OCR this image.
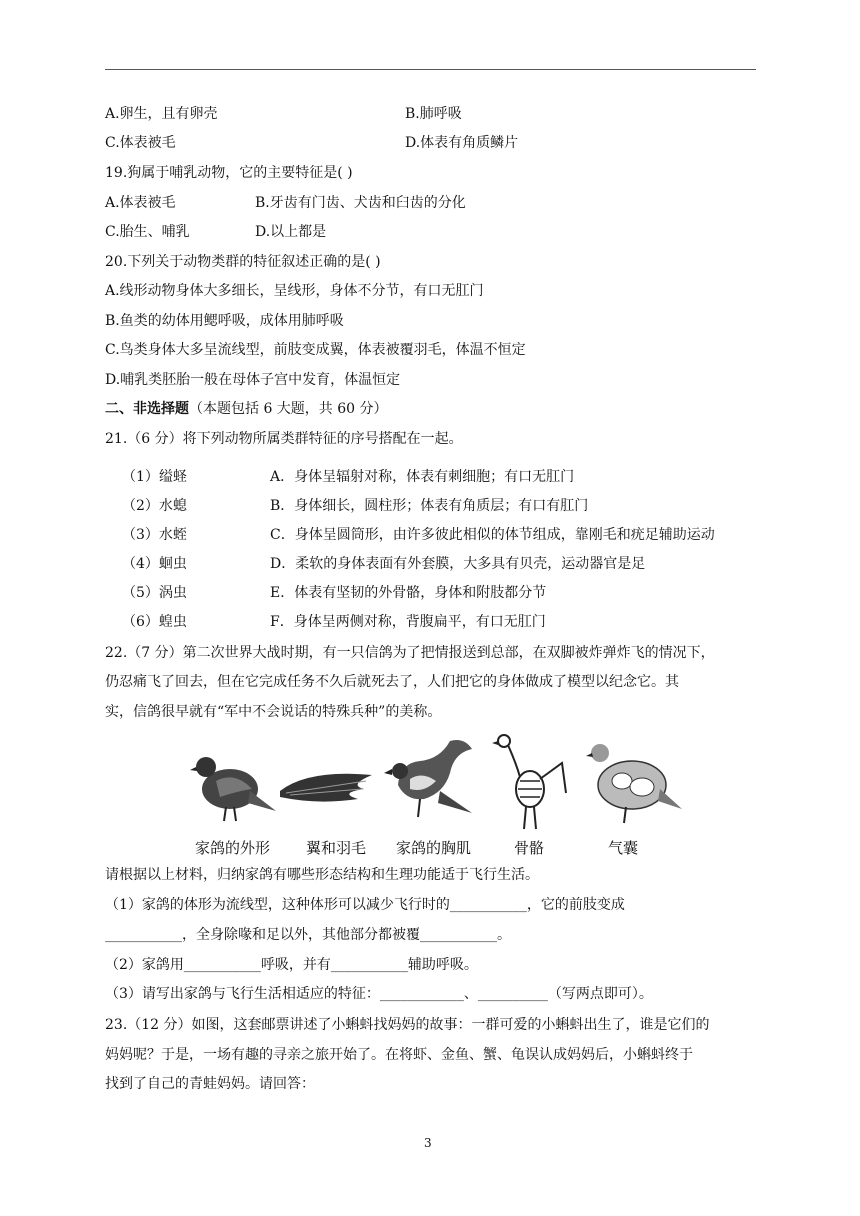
A.卵生，且有卵壳	B.肺呼吸
C.体表被毛	D.体表有角质鳞片
19.狗属于哺乳动物，它的主要特征是( )
A.体表被毛	B.牙齿有门齿、犬齿和臼齿的分化
C.胎生、哺乳	D.以上都是
20.下列关于动物类群的特征叙述正确的是( )
A.线形动物身体大多细长，呈线形，身体不分节，有口无肛门
B.鱼类的幼体用鳃呼吸，成体用肺呼吸
C.鸟类身体大多呈流线型，前肢变成翼，体表被覆羽毛，体温不恒定
D.哺乳类胚胎一般在母体子宫中发育，体温恒定
二、非选择题（本题包括 6 大题，共 60 分）
21.（6 分）将下列动物所属类群特征的序号搭配在一起。
（1）缢蛏	A．身体呈辐射对称，体表有刺细胞；有口无肛门
（2）水螅	B．身体细长，圆柱形；体表有角质层；有口有肛门
（3）水蛭	C．身体呈圆筒形，由许多彼此相似的体节组成，靠刚毛和疣足辅助运动
（4）蛔虫	D．柔软的身体表面有外套膜，大多具有贝壳，运动器官是足
（5）涡虫	E．体表有坚韧的外骨骼，身体和附肢都分节
（6）蝗虫	F．身体呈两侧对称，背腹扁平，有口无肛门
22.（7 分）第二次世界大战时期，有一只信鸽为了把情报送到总部，在双脚被炸弹炸飞的情况下，
仍忍痛飞了回去，但在它完成任务不久后就死去了，人们把它的身体做成了模型以纪念它。其
实，信鸽很早就有“军中不会说话的特殊兵种”的美称。
家鸽的外形 翼和羽毛 家鸽的胸肌	骨骼	气囊
请根据以上材料，归纳家鸽有哪些形态结构和生理功能适于飞行生活。
（1）家鸽的体形为流线型，这种体形可以减少飞行时的___________，它的前肢变成
___________，全身除喙和足以外，其他部分都被覆___________。
（2）家鸽用___________呼吸，并有___________辅助呼吸。
（3）请写出家鸽与飞行生活相适应的特征：____________、__________（写两点即可）。
23.（12 分）如图，这套邮票讲述了小蝌蚪找妈妈的故事：一群可爱的小蝌蚪出生了，谁是它们的
妈妈呢？于是，一场有趣的寻亲之旅开始了。在将虾、金鱼、蟹、龟误认成妈妈后，小蝌蚪终于
找到了自己的青蛙妈妈。请回答：
3
